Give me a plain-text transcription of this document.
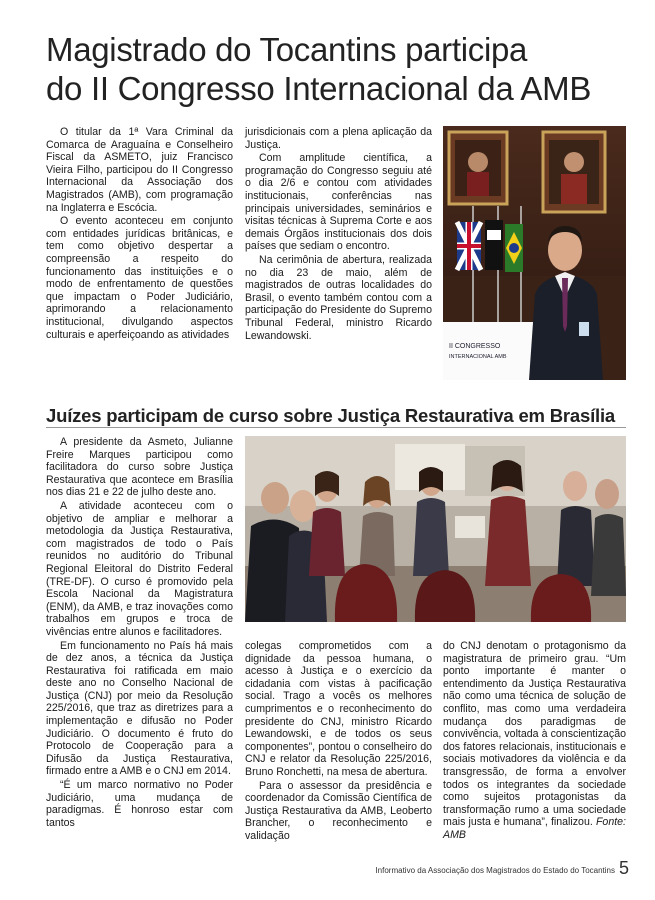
Magistrado do Tocantins participa
do II Congresso Internacional da AMB

O titular da 1ª Vara Criminal da Comarca de Araguaína e Conselheiro Fiscal da ASMETO, juiz Francisco Vieira Filho, participou do II Congresso Internacional da Associação dos Magistrados (AMB), com programação na Inglaterra e Escócia.

O evento aconteceu em conjunto com entidades jurídicas britânicas, e tem como objetivo despertar a compreensão a respeito do funcionamento das instituições e o modo de enfrentamento de questões que impactam o Poder Judiciário, aprimorando a relacionamento institucional, divulgando aspectos culturais e aperfeiçoando as atividades

jurisdicionais com a plena aplicação da Justiça.

Com amplitude científica, a programação do Congresso seguiu até o dia 2/6 e contou com atividades institucionais, conferências nas principais universidades, seminários e visitas técnicas à Suprema Corte e aos demais Órgãos institucionais dos dois países que sediam o encontro.

Na cerimônia de abertura, realizada no dia 23 de maio, além de magistrados de outras localidades do Brasil, o evento também contou com a participação do Presidente do Supremo Tribunal Federal, ministro Ricardo Lewandowski.

II CONGRESSO
INTERNACIONAL AMB
Juízes participam de curso sobre Justiça Restaurativa em Brasília

A presidente da Asmeto, Julianne Freire Marques participou como facilitadora do curso sobre Justiça Restaurativa que acontece em Brasília nos dias 21 e 22 de julho deste ano.

A atividade aconteceu com o objetivo de ampliar e melhorar a metodologia da Justiça Restaurativa, com magistrados de todo o País reunidos no auditório do Tribunal Regional Eleitoral do Distrito Federal (TRE-DF). O curso é promovido pela Escola Nacional da Magistratura (ENM), da AMB, e traz inovações como trabalhos em grupos e troca de vivências entre alunos e facilitadores.

Em funcionamento no País há mais de dez anos, a técnica da Justiça Restaurativa foi ratificada em maio deste ano no Conselho Nacional de Justiça (CNJ) por meio da Resolução 225/2016, que traz as diretrizes para a implementação e difusão no Poder Judiciário. O documento é fruto do Protocolo de Cooperação para a Difusão da Justiça Restaurativa, firmado entre a AMB e o CNJ em 2014.

“É um marco normativo no Poder Judiciário, uma mudança de paradigmas. É honroso estar com tantos

colegas comprometidos com a dignidade da pessoa humana, o acesso à Justiça e o exercício da cidadania com vistas à pacificação social. Trago a vocês os melhores cumprimentos e o reconhecimento do presidente do CNJ, ministro Ricardo Lewandowski, e de todos os seus componentes”, pontou o conselheiro do CNJ e relator da Resolução 225/2016, Bruno Ronchetti, na mesa de abertura.

Para o assessor da presidência e coordenador da Comissão Científica de Justiça Restaurativa da AMB, Leoberto Brancher, o reconhecimento e validação

do CNJ denotam o protagonismo da magistratura de primeiro grau. “Um ponto importante é manter o entendimento da Justiça Restaurativa não como uma técnica de solução de conflito, mas como uma verdadeira mudança dos paradigmas de convivência, voltada à conscientização dos fatores relacionais, institucionais e sociais motivadores da violência e da transgressão, de forma a envolver todos os integrantes da sociedade como sujeitos protagonistas da transformação rumo a uma sociedade mais justa e humana”, finalizou. Fonte: AMB

Informativo da Associação dos Magistrados do Estado do Tocantins 5
